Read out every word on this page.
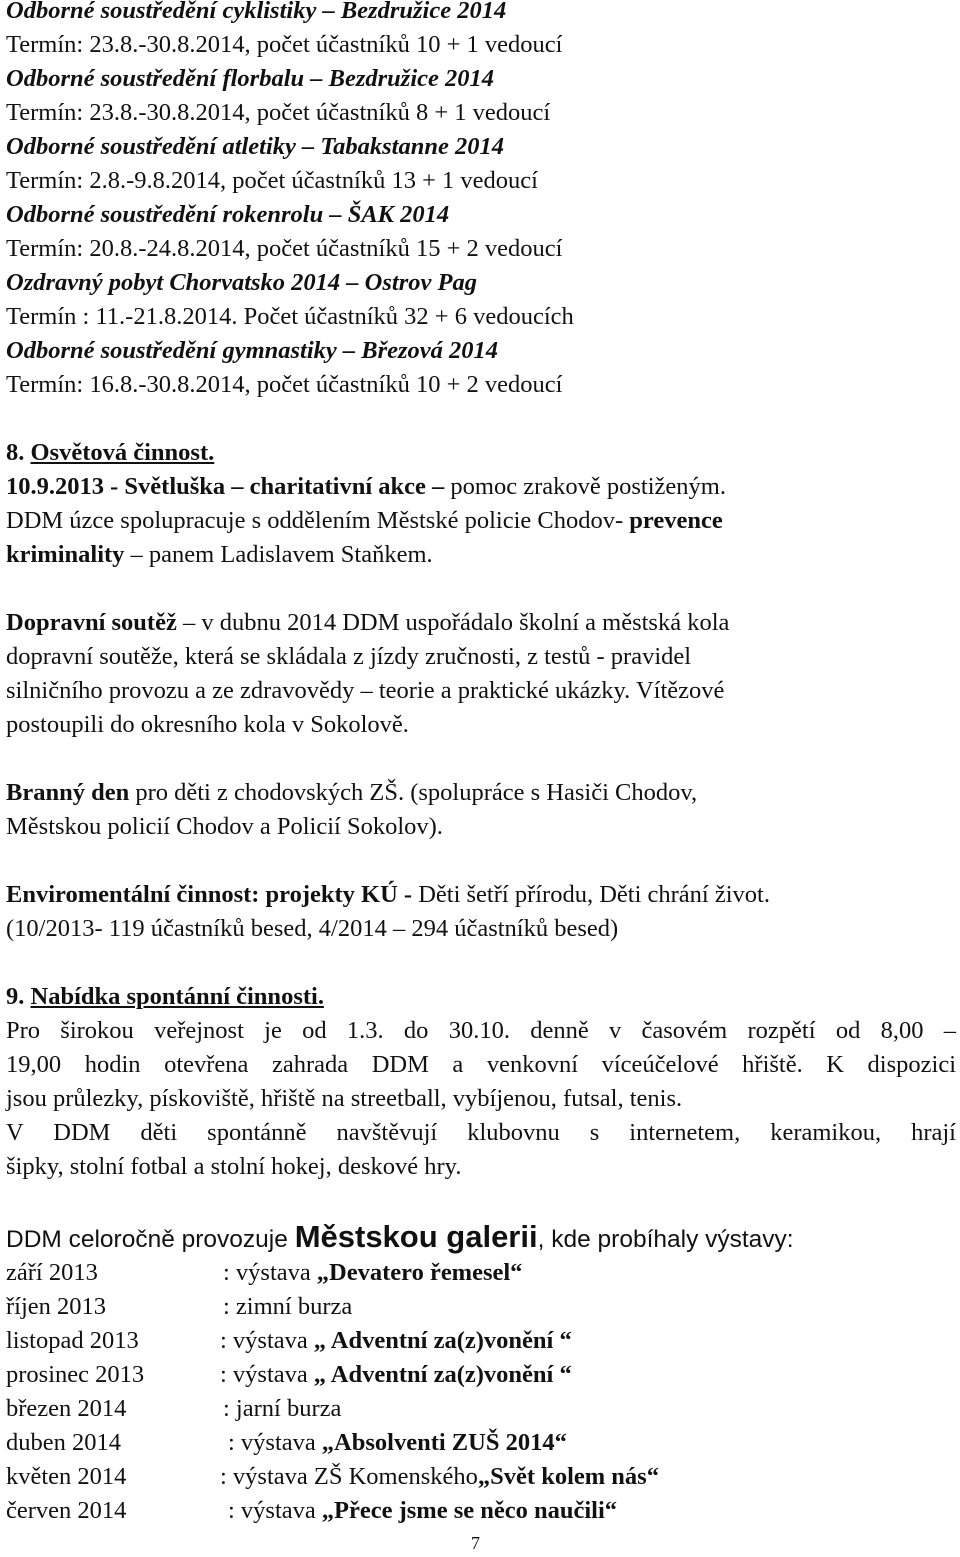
Odborné soustředění cyklistiky – Bezdružice 2014
Termín: 23.8.-30.8.2014, počet účastníků 10 + 1 vedoucí
Odborné soustředění florbalu – Bezdružice 2014
Termín: 23.8.-30.8.2014, počet účastníků 8 + 1 vedoucí
Odborné soustředění atletiky – Tabakstanne 2014
Termín: 2.8.-9.8.2014, počet účastníků 13 + 1 vedoucí
Odborné soustředění rokenrolu – ŠAK 2014
Termín: 20.8.-24.8.2014, počet účastníků 15 + 2 vedoucí
Ozdravný pobyt Chorvatsko 2014 – Ostrov Pag
Termín : 11.-21.8.2014. Počet účastníků 32 + 6 vedoucích
Odborné soustředění gymnastiky – Březová 2014
Termín: 16.8.-30.8.2014, počet účastníků 10 + 2 vedoucí
8. Osvětová činnost.
10.9.2013 - Světluška – charitativní akce – pomoc zrakově postiženým.
DDM úzce spolupracuje s oddělením Městské policie Chodov- prevence
kriminality – panem Ladislavem Staňkem.
Dopravní soutěž – v dubnu 2014 DDM uspořádalo školní a městská kola
dopravní soutěže, která se skládala z jízdy zručnosti, z testů - pravidel
silničního provozu a ze zdravovědy – teorie a praktické ukázky. Vítězové
postoupili do okresního kola v Sokolově.
Branný den pro děti z chodovských ZŠ. (spolupráce s Hasiči Chodov,
Městskou policií Chodov a Policií Sokolov).
Enviromentální činnost: projekty KÚ - Děti šetří přírodu, Děti chrání život.
(10/2013- 119 účastníků besed, 4/2014 – 294 účastníků besed)
9. Nabídka spontánní činnosti.
Pro širokou veřejnost je od 1.3. do 30.10. denně v časovém rozpětí od 8,00 –
19,00 hodin otevřena zahrada DDM a venkovní víceúčelové hřiště. K dispozici
jsou průlezky, pískoviště, hřiště na streetball, vybíjenou, futsal, tenis.
V DDM děti spontánně navštěvují klubovnu s internetem, keramikou, hrají
šipky, stolní fotbal a stolní hokej, deskové hry.
DDM celoročně provozuje Městskou galerii, kde probíhaly výstavy:
září 2013	: výstava „Devatero řemesel“
říjen 2013	: zimní burza
listopad 2013	: výstava „ Adventní za(z)vonění “
prosinec 2013	: výstava „ Adventní za(z)vonění “
březen 2014	: jarní burza
duben 2014	: výstava „Absolventi ZUŠ 2014“
květen 2014	: výstava ZŠ Komenského „Svět kolem nás“
červen 2014	: výstava „Přece jsme se něco naučili“
7
